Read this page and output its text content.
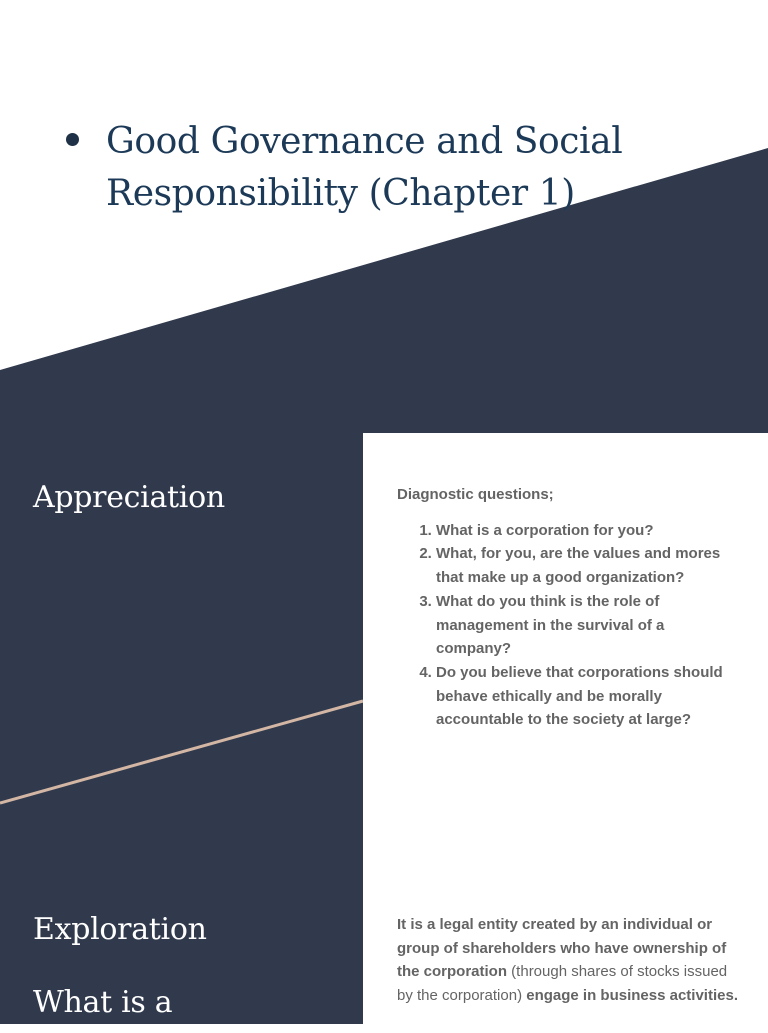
Good Governance and Social Responsibility (Chapter 1)
Appreciation
Exploration
What is a

Diagnostic questions;

1. What is a corporation for you?
2. What, for you, are the values and mores that make up a good organization?
3. What do you think is the role of management in the survival of a company?
4. Do you believe that corporations should behave ethically and be morally accountable to the society at large?

It is a legal entity created by an individual or group of shareholders who have ownership of the corporation (through shares of stocks issued by the corporation) engage in business activities.
